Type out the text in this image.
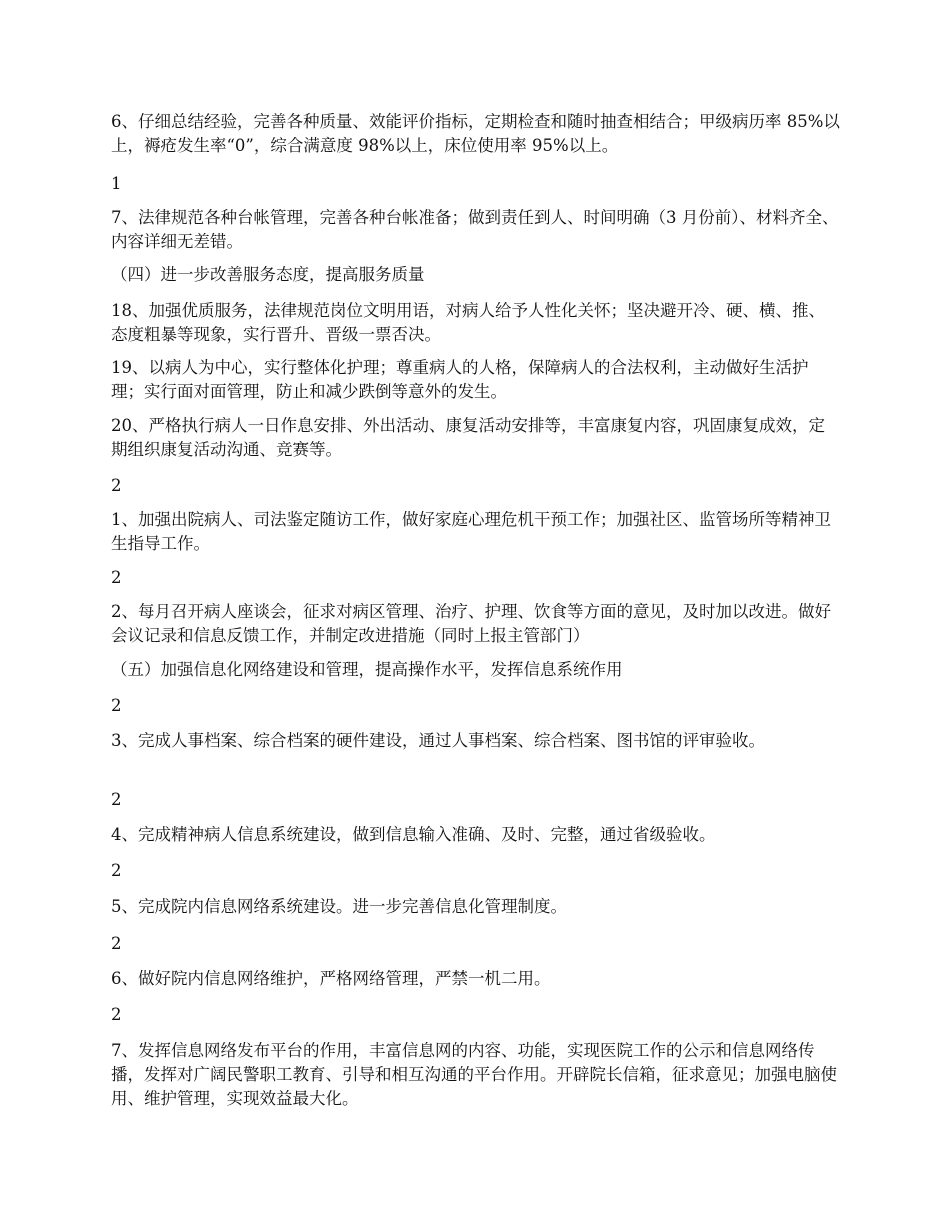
6、仔细总结经验，完善各种质量、效能评价指标，定期检查和随时抽查相结合；甲级病历率 85%以上，褥疮发生率“0”，综合满意度 98%以上，床位使用率 95%以上。

1

7、法律规范各种台帐管理，完善各种台帐准备；做到责任到人、时间明确（3 月份前）、材料齐全、内容详细无差错。

（四）进一步改善服务态度，提高服务质量

18、加强优质服务，法律规范岗位文明用语，对病人给予人性化关怀；坚决避开冷、硬、横、推、态度粗暴等现象，实行晋升、晋级一票否决。

19、以病人为中心，实行整体化护理；尊重病人的人格，保障病人的合法权利，主动做好生活护理；实行面对面管理，防止和减少跌倒等意外的发生。

20、严格执行病人一日作息安排、外出活动、康复活动安排等，丰富康复内容，巩固康复成效，定期组织康复活动沟通、竞赛等。

2

1、加强出院病人、司法鉴定随访工作，做好家庭心理危机干预工作；加强社区、监管场所等精神卫生指导工作。

2

2、每月召开病人座谈会，征求对病区管理、治疗、护理、饮食等方面的意见，及时加以改进。做好会议记录和信息反馈工作，并制定改进措施（同时上报主管部门）

（五）加强信息化网络建设和管理，提高操作水平，发挥信息系统作用

2

3、完成人事档案、综合档案的硬件建设，通过人事档案、综合档案、图书馆的评审验收。

2

4、完成精神病人信息系统建设，做到信息输入准确、及时、完整，通过省级验收。

2

5、完成院内信息网络系统建设。进一步完善信息化管理制度。

2

6、做好院内信息网络维护，严格网络管理，严禁一机二用。

2

7、发挥信息网络发布平台的作用，丰富信息网的内容、功能，实现医院工作的公示和信息网络传播，发挥对广阔民警职工教育、引导和相互沟通的平台作用。开辟院长信箱，征求意见；加强电脑使用、维护管理，实现效益最大化。
